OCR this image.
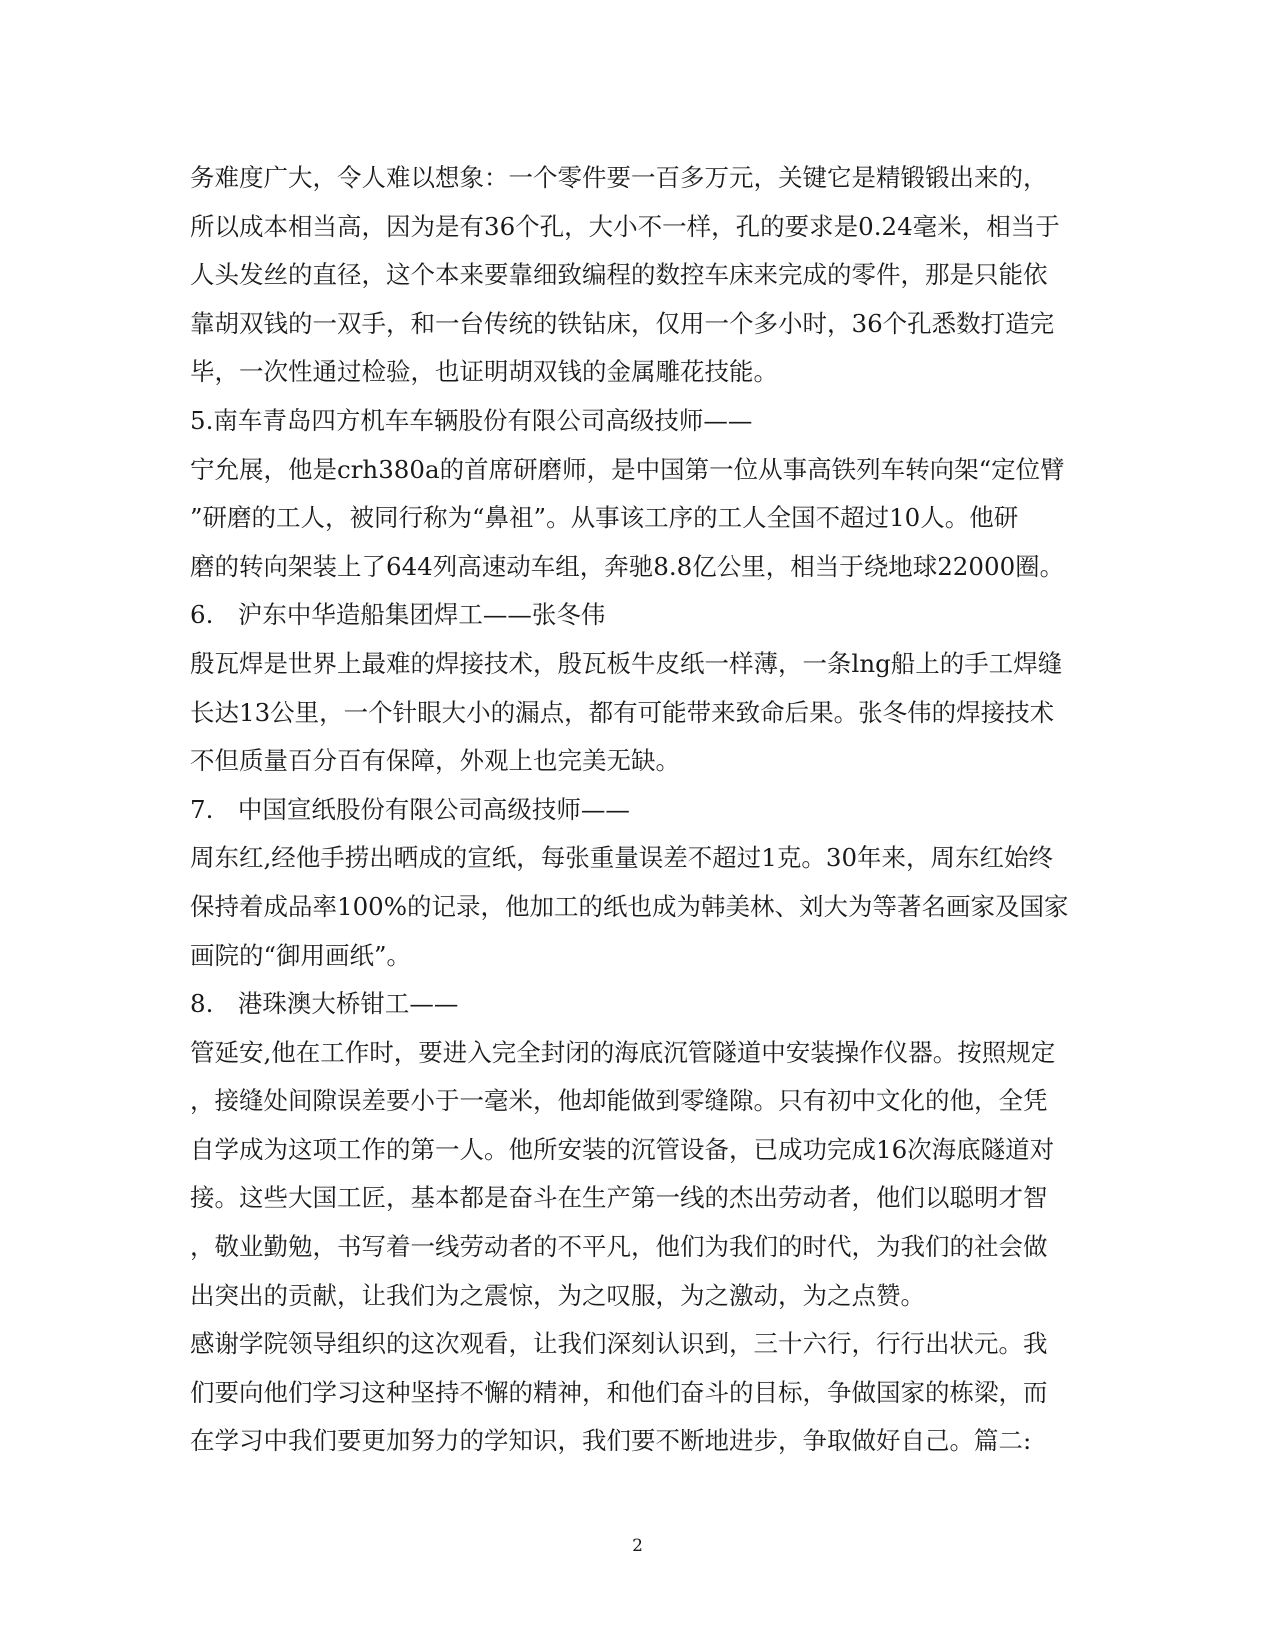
务难度广大，令人难以想象：一个零件要一百多万元，关键它是精锻锻出来的，
所以成本相当高，因为是有36个孔，大小不一样，孔的要求是0.24毫米，相当于
人头发丝的直径，这个本来要靠细致编程的数控车床来完成的零件，那是只能依
靠胡双钱的一双手，和一台传统的铁钻床，仅用一个多小时，36个孔悉数打造完
毕，一次性通过检验，也证明胡双钱的金属雕花技能。
5.南车青岛四方机车车辆股份有限公司高级技师——
宁允展，他是crh380a的首席研磨师，是中国第一位从事高铁列车转向架“定位臂
”研磨的工人，被同行称为“鼻祖”。从事该工序的工人全国不超过10人。他研
磨的转向架装上了644列高速动车组，奔驰8.8亿公里，相当于绕地球22000圈。
6.　沪东中华造船集团焊工——张冬伟
殷瓦焊是世界上最难的焊接技术，殷瓦板牛皮纸一样薄，一条lng船上的手工焊缝
长达13公里，一个针眼大小的漏点，都有可能带来致命后果。张冬伟的焊接技术
不但质量百分百有保障，外观上也完美无缺。
7.　中国宣纸股份有限公司高级技师——
周东红,经他手捞出晒成的宣纸，每张重量误差不超过1克。30年来，周东红始终
保持着成品率100%的记录，他加工的纸也成为韩美林、刘大为等著名画家及国家
画院的“御用画纸”。
8.　港珠澳大桥钳工——
管延安,他在工作时，要进入完全封闭的海底沉管隧道中安装操作仪器。按照规定
，接缝处间隙误差要小于一毫米，他却能做到零缝隙。只有初中文化的他，全凭
自学成为这项工作的第一人。他所安装的沉管设备，已成功完成16次海底隧道对
接。这些大国工匠，基本都是奋斗在生产第一线的杰出劳动者，他们以聪明才智
，敬业勤勉，书写着一线劳动者的不平凡，他们为我们的时代，为我们的社会做
出突出的贡献，让我们为之震惊，为之叹服，为之激动，为之点赞。
感谢学院领导组织的这次观看，让我们深刻认识到，三十六行，行行出状元。我
们要向他们学习这种坚持不懈的精神，和他们奋斗的目标，争做国家的栋梁，而
在学习中我们要更加努力的学知识，我们要不断地进步，争取做好自己。篇二:
2
